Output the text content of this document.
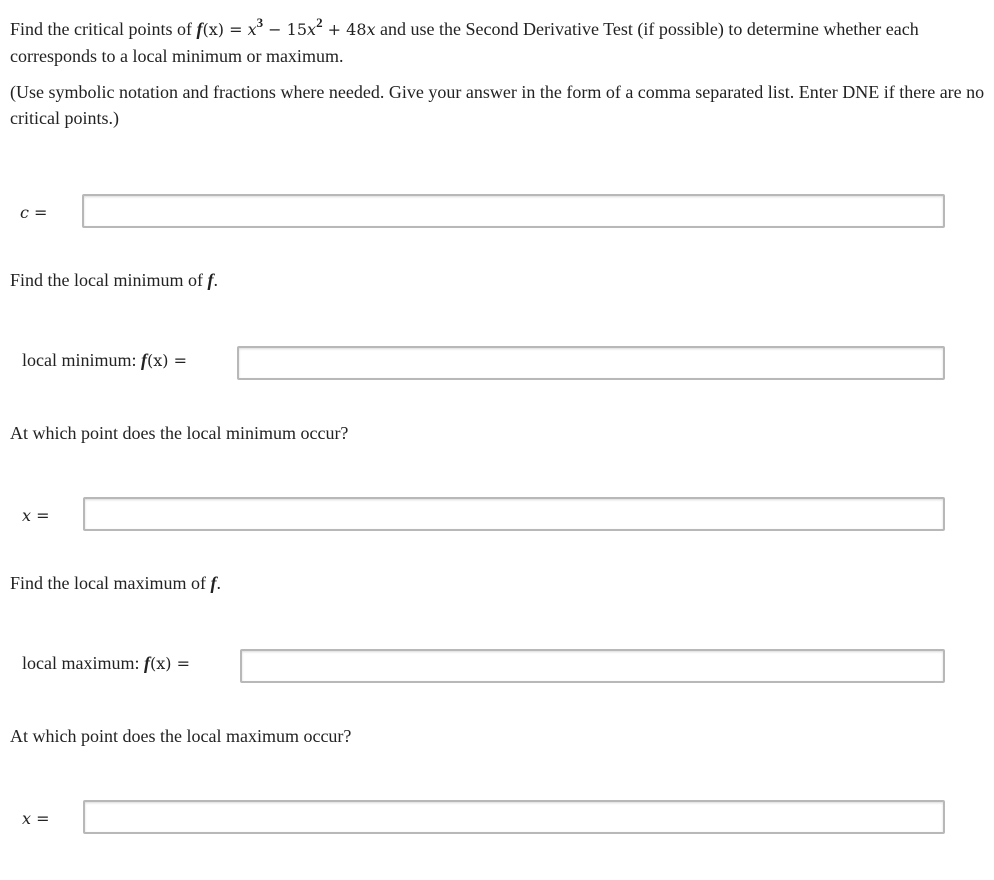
Find the critical points of $f(x) = x^3 - 15x^2 + 48x$ and use the Second Derivative Test (if possible) to determine whether each corresponds to a local minimum or maximum.

(Use symbolic notation and fractions where needed. Give your answer in the form of a comma separated list. Enter DNE if there are no critical points.)

c =

Find the local minimum of f.

local minimum: f(x) =

At which point does the local minimum occur?

x =

Find the local maximum of f.

local maximum: f(x) =

At which point does the local maximum occur?

x =
